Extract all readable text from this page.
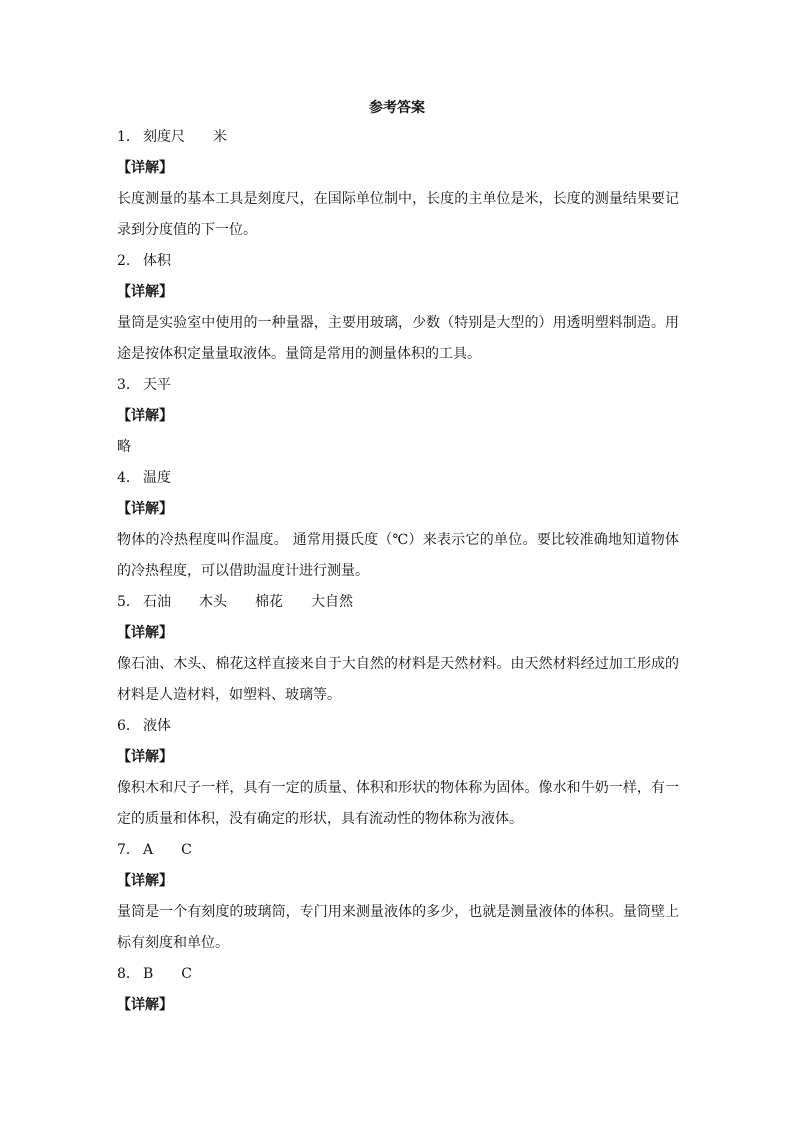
参考答案
1． 刻度尺 米
【详解】
长度测量的基本工具是刻度尺，在国际单位制中，长度的主单位是米，长度的测量结果要记录到分度值的下一位。
2． 体积
【详解】
量筒是实验室中使用的一种量器，主要用玻璃，少数（特别是大型的）用透明塑料制造。用途是按体积定量量取液体。量筒是常用的测量体积的工具。
3． 天平
【详解】
略
4． 温度
【详解】
物体的冷热程度叫作温度。 通常用摄氏度（℃）来表示它的单位。要比较准确地知道物体的冷热程度，可以借助温度计进行测量。
5． 石油 木头 棉花 大自然
【详解】
像石油、木头、棉花这样直接来自于大自然的材料是天然材料。由天然材料经过加工形成的材料是人造材料，如塑料、玻璃等。
6． 液体
【详解】
像积木和尺子一样，具有一定的质量、体积和形状的物体称为固体。像水和牛奶一样，有一定的质量和体积，没有确定的形状，具有流动性的物体称为液体。
7． A C
【详解】
量筒是一个有刻度的玻璃筒，专门用来测量液体的多少，也就是测量液体的体积。量筒壁上标有刻度和单位。
8． B C
【详解】
